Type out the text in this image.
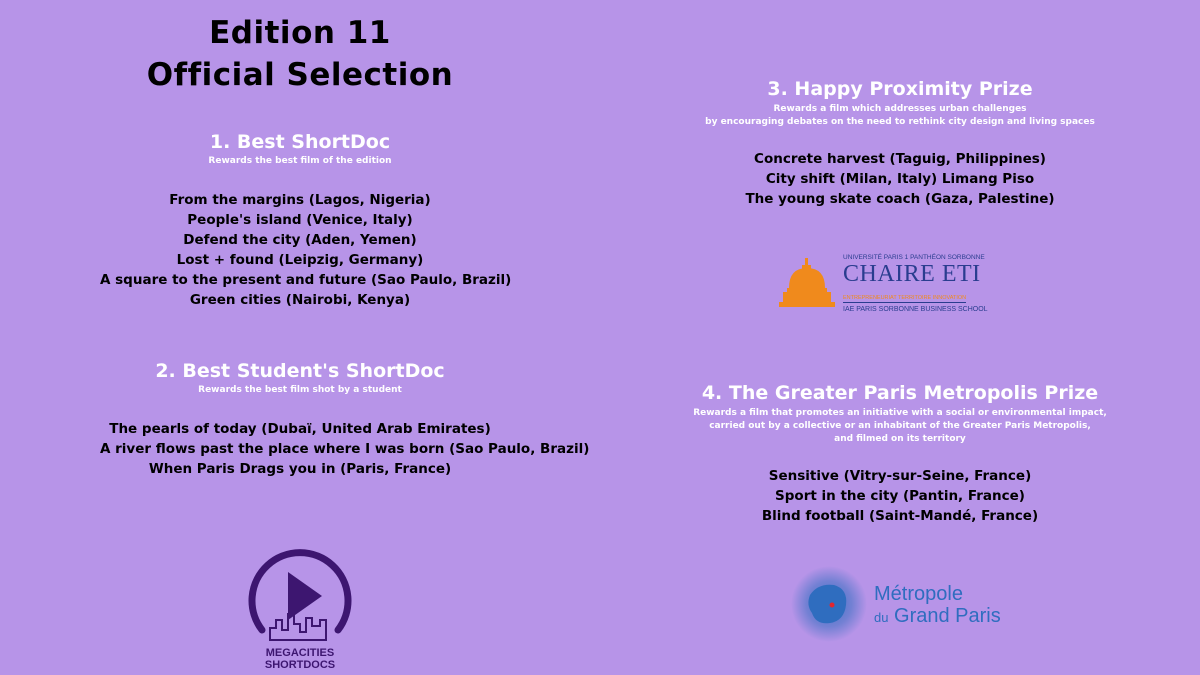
Edition 11
Official Selection
1. Best ShortDoc
Rewards the best film of the edition
From the margins (Lagos, Nigeria)
People's island (Venice, Italy)
Defend the city (Aden, Yemen)
Lost + found (Leipzig, Germany)
A square to the present and future (Sao Paulo, Brazil)
Green cities (Nairobi, Kenya)
2. Best Student's ShortDoc
Rewards the best film shot by a student
The pearls of today (Dubaï, United Arab Emirates)
A river flows past the place where I was born (Sao Paulo, Brazil)
When Paris Drags you in (Paris, France)
3. Happy Proximity Prize
Rewards a film which addresses urban challenges
by encouraging debates on the need to rethink city design and living spaces
Concrete harvest (Taguig, Philippines)
City shift (Milan, Italy) Limang Piso
The young skate coach (Gaza, Palestine)
4. The Greater Paris Metropolis Prize
Rewards a film that promotes an initiative with a social or environmental impact,
carried out by a collective or an inhabitant of the Greater Paris Metropolis,
and filmed on its territory
Sensitive (Vitry-sur-Seine, France)
Sport in the city (Pantin, France)
Blind football (Saint-Mandé, France)
MEGACITIES
SHORTDOCS
UNIVERSITÉ PARIS 1 PANTHÉON SORBONNE
CHAIRE ETI
ENTREPRENEURIAT TERRITOIRE INNOVATION
IAE PARIS SORBONNE BUSINESS SCHOOL
Métropole
du Grand Paris
